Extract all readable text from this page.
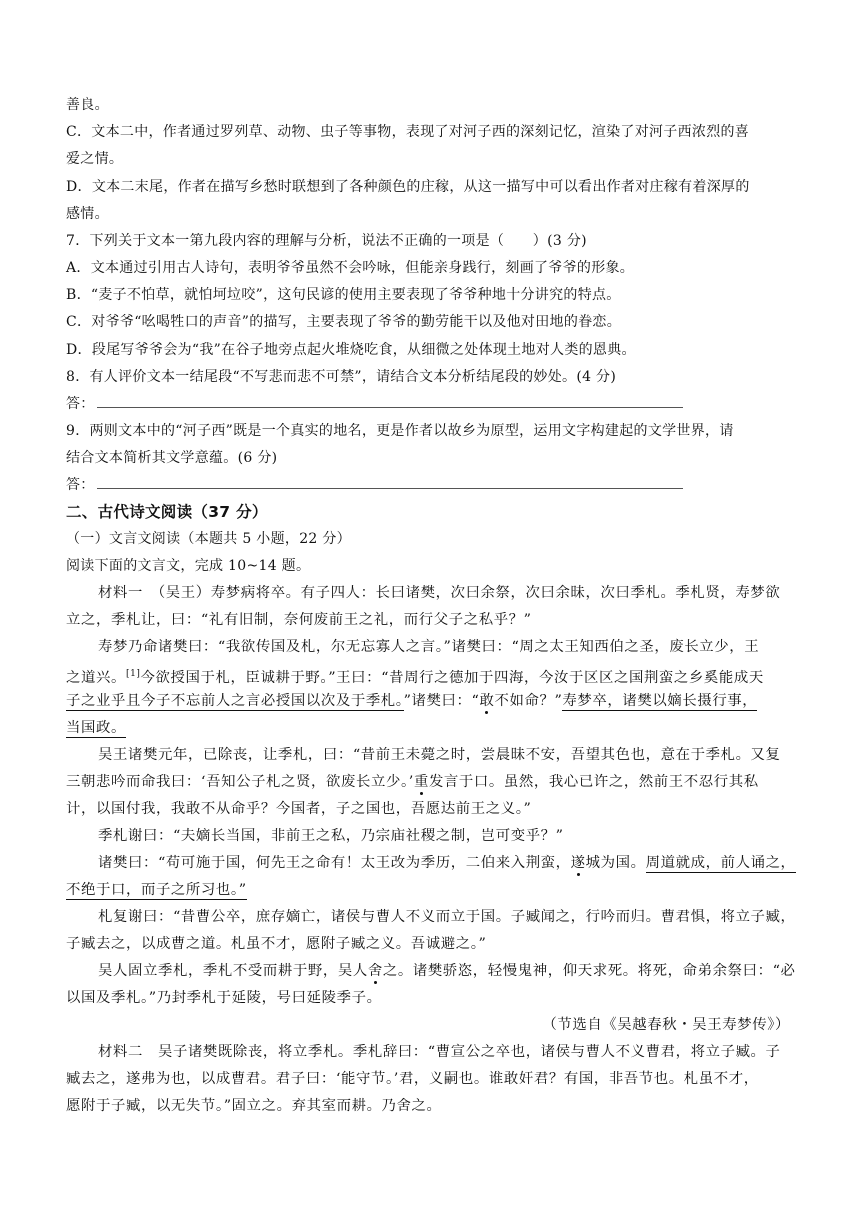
善良。
C．文本二中，作者通过罗列草、动物、虫子等事物，表现了对河子西的深刻记忆，渲染了对河子西浓烈的喜
爱之情。
D．文本二末尾，作者在描写乡愁时联想到了各种颜色的庄稼，从这一描写中可以看出作者对庄稼有着深厚的
感情。
7．下列关于文本一第九段内容的理解与分析，说法不正确的一项是（　　）(3 分)
A．文本通过引用古人诗句，表明爷爷虽然不会吟咏，但能亲身践行，刻画了爷爷的形象。
B．“麦子不怕草，就怕坷垃咬”，这句民谚的使用主要表现了爷爷种地十分讲究的特点。
C．对爷爷“吆喝牲口的声音”的描写，主要表现了爷爷的勤劳能干以及他对田地的眷恋。
D．段尾写爷爷会为“我”在谷子地旁点起火堆烧吃食，从细微之处体现土地对人类的恩典。
8．有人评价文本一结尾段“不写悲而悲不可禁”，请结合文本分析结尾段的妙处。(4 分)
答：
9．两则文本中的“河子西”既是一个真实的地名，更是作者以故乡为原型，运用文字构建起的文学世界，请
结合文本简析其文学意蕴。(6 分)
答：
二、古代诗文阅读（37 分）
（一）文言文阅读（本题共 5 小题，22 分）
阅读下面的文言文，完成 10~14 题。
材料一　（吴王）寿梦病将卒。有子四人：长曰诸樊，次曰余祭，次曰余昧，次曰季札。季札贤，寿梦欲
立之，季札让，曰：“礼有旧制，奈何废前王之礼，而行父子之私乎？”
寿梦乃命诸樊曰：“我欲传国及札，尔无忘寡人之言。”诸樊曰：“周之太王知西伯之圣，废长立少，王
之道兴。[1]今欲授国于札，臣诚耕于野。”王曰：“昔周行之德加于四海，今汝于区区之国荆蛮之乡奚能成天
子之业乎且今子不忘前人之言必授国以次及于季札。”诸樊曰：“敢不如命？”寿梦卒，诸樊以嫡长摄行事，
当国政。
吴王诸樊元年，已除丧，让季札，曰：“昔前王未薨之时，尝晨昧不安，吾望其色也，意在于季札。又复
三朝悲吟而命我曰：‘吾知公子札之贤，欲废长立少。’重发言于口。虽然，我心已许之，然前王不忍行其私
计，以国付我，我敢不从命乎？今国者，子之国也，吾愿达前王之义。”
季札谢曰：“夫嫡长当国，非前王之私，乃宗庙社稷之制，岂可变乎？”
诸樊曰：“苟可施于国，何先王之命有！太王改为季历，二伯来入荆蛮，遂城为国。周道就成，前人诵之，
不绝于口，而子之所习也。”
札复谢曰：“昔曹公卒，庶存嫡亡，诸侯与曹人不义而立于国。子臧闻之，行吟而归。曹君惧，将立子臧，
子臧去之，以成曹之道。札虽不才，愿附子臧之义。吾诚避之。”
吴人固立季札，季札不受而耕于野，吴人舍之。诸樊骄恣，轻慢鬼神，仰天求死。将死，命弟余祭曰：“必
以国及季札。”乃封季札于延陵，号曰延陵季子。
（节选自《吴越春秋・吴王寿梦传》）
材料二　吴子诸樊既除丧，将立季札。季札辞曰：“曹宣公之卒也，诸侯与曹人不义曹君，将立子臧。子
臧去之，遂弗为也，以成曹君。君子曰：‘能守节。’君，义嗣也。谁敢奸君？有国，非吾节也。札虽不才，
愿附于子臧，以无失节。”固立之。弃其室而耕。乃舍之。
